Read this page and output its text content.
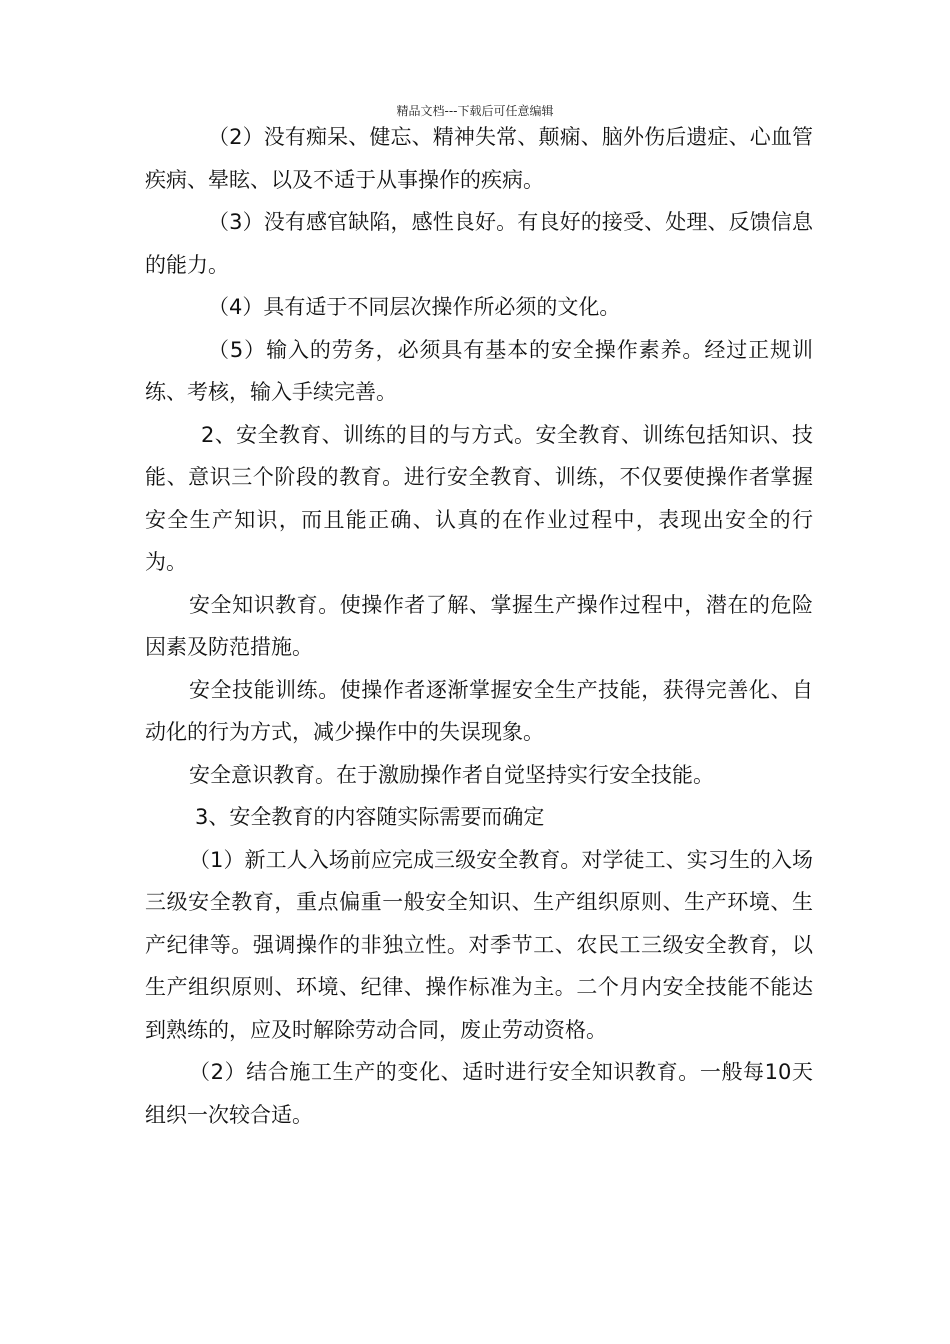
精品文档---下载后可任意编辑

（2）没有痴呆、健忘、精神失常、颠痫、脑外伤后遗症、心血管疾病、晕眩、以及不适于从事操作的疾病。

（3）没有感官缺陷，感性良好。有良好的接受、处理、反馈信息的能力。

（4）具有适于不同层次操作所必须的文化。

（5）输入的劳务，必须具有基本的安全操作素养。经过正规训练、考核，输入手续完善。

2、安全教育、训练的目的与方式。安全教育、训练包括知识、技能、意识三个阶段的教育。进行安全教育、训练，不仅要使操作者掌握安全生产知识，而且能正确、认真的在作业过程中，表现出安全的行为。

安全知识教育。使操作者了解、掌握生产操作过程中，潜在的危险因素及防范措施。

安全技能训练。使操作者逐渐掌握安全生产技能，获得完善化、自动化的行为方式，减少操作中的失误现象。

安全意识教育。在于激励操作者自觉坚持实行安全技能。

3、安全教育的内容随实际需要而确定

（1）新工人入场前应完成三级安全教育。对学徒工、实习生的入场三级安全教育，重点偏重一般安全知识、生产组织原则、生产环境、生产纪律等。强调操作的非独立性。对季节工、农民工三级安全教育，以生产组织原则、环境、纪律、操作标准为主。二个月内安全技能不能达到熟练的，应及时解除劳动合同，废止劳动资格。

（2）结合施工生产的变化、适时进行安全知识教育。一般每10天组织一次较合适。
